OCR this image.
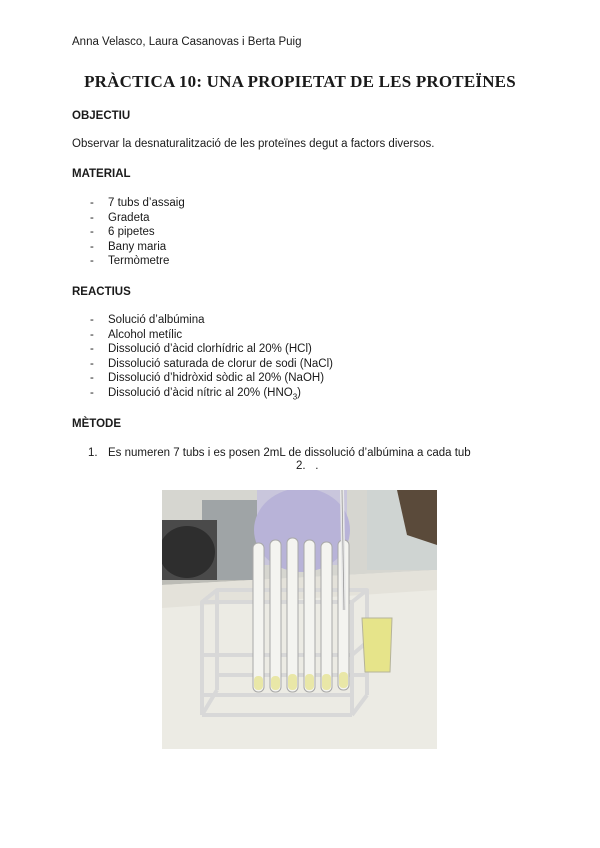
Anna Velasco, Laura Casanovas i Berta Puig
PRÀCTICA 10: UNA PROPIETAT DE LES PROTEÏNES
OBJECTIU
Observar la desnaturalització de les proteïnes degut a factors diversos.
MATERIAL
- 7 tubs d’assaig
- Gradeta
- 6 pipetes
- Bany maria
- Termòmetre
REACTIUS
- Solució d’albúmina
- Alcohol metílic
- Dissolució d’àcid clorhídric al 20% (HCl)
- Dissolució saturada de clorur de sodi (NaCl)
- Dissolució d’hidròxid sòdic al 20% (NaOH)
- Dissolució d’àcid nítric al 20% $(HNO_3)$
MÈTODE
1. Es numeren 7 tubs i es posen 2mL de dissolució d’albúmina a cada tub
2. .
